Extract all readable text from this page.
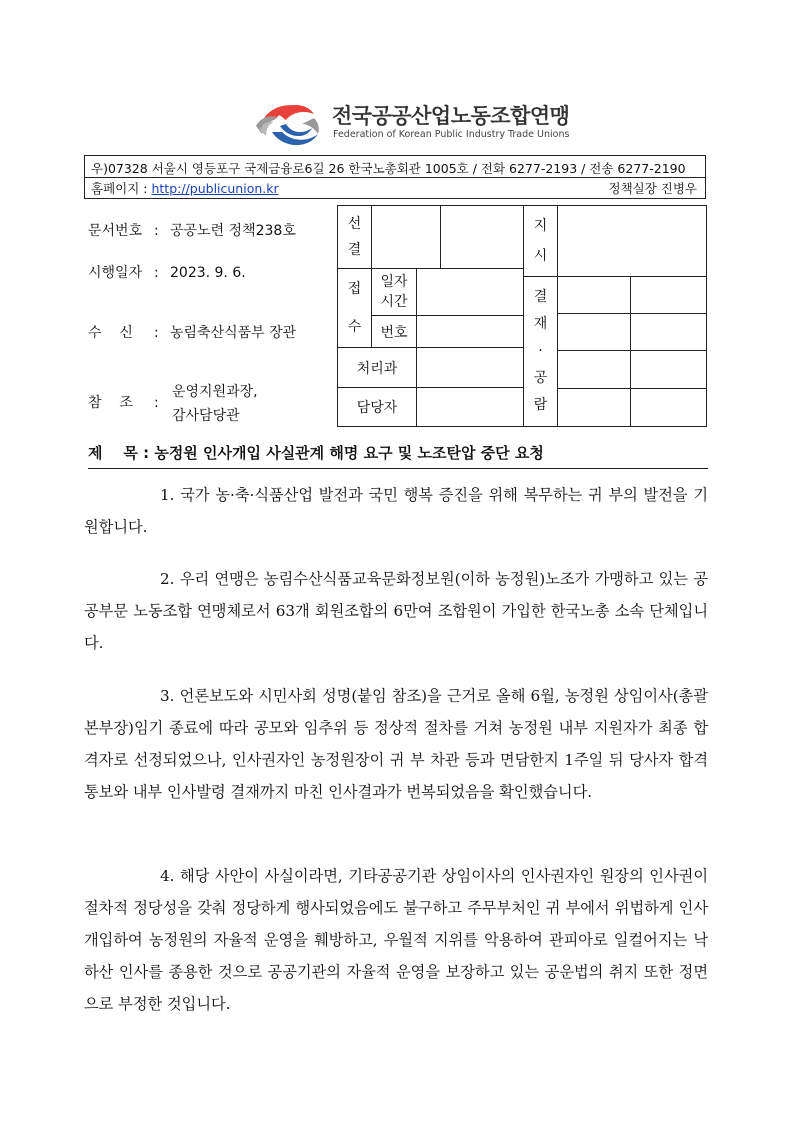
전국공공산업노동조합연맹
Federation of Korean Public Industry Trade Unions
우)07328 서울시 영등포구 국제금융로6길 26 한국노총회관 1005호 / 전화 6277-2193 / 전송 6277-2190
홈페이지 : http://publicunion.kr	정책실장 진병우
문서번호 : 공공노련 정책238호
시행일자 : 2023. 9. 6.
수    신 : 농림축산식품부 장관
참    조 :
운영지원과장,
감사담당관
선
결
접
수
일자
시간
번호
처리과
담당자
지
시
결
재
·
공
람
제    목 : 농정원 인사개입 사실관계 해명 요구 및 노조탄압 중단 요청
1. 국가 농·축·식품산업 발전과 국민 행복 증진을 위해 복무하는 귀 부의 발전을 기원합니다.
2. 우리 연맹은 농림수산식품교육문화정보원(이하 농정원)노조가 가맹하고 있는 공공부문 노동조합 연맹체로서 63개 회원조합의 6만여 조합원이 가입한 한국노총 소속 단체입니다.
3. 언론보도와 시민사회 성명(붙임 참조)을 근거로 올해 6월, 농정원 상임이사(총괄본부장)임기 종료에 따라 공모와 임추위 등 정상적 절차를 거쳐 농정원 내부 지원자가 최종 합격자로 선정되었으나, 인사권자인 농정원장이 귀 부 차관 등과 면담한지 1주일 뒤 당사자 합격 통보와 내부 인사발령 결재까지 마친 인사결과가 번복되었음을 확인했습니다.
4. 해당 사안이 사실이라면, 기타공공기관 상임이사의 인사권자인 원장의 인사권이 절차적 정당성을 갖춰 정당하게 행사되었음에도 불구하고 주무부처인 귀 부에서 위법하게 인사개입하여 농정원의 자율적 운영을 훼방하고, 우월적 지위를 악용하여 관피아로 일컬어지는 낙하산 인사를 종용한 것으로 공공기관의 자율적 운영을 보장하고 있는 공운법의 취지 또한 정면으로 부정한 것입니다.
